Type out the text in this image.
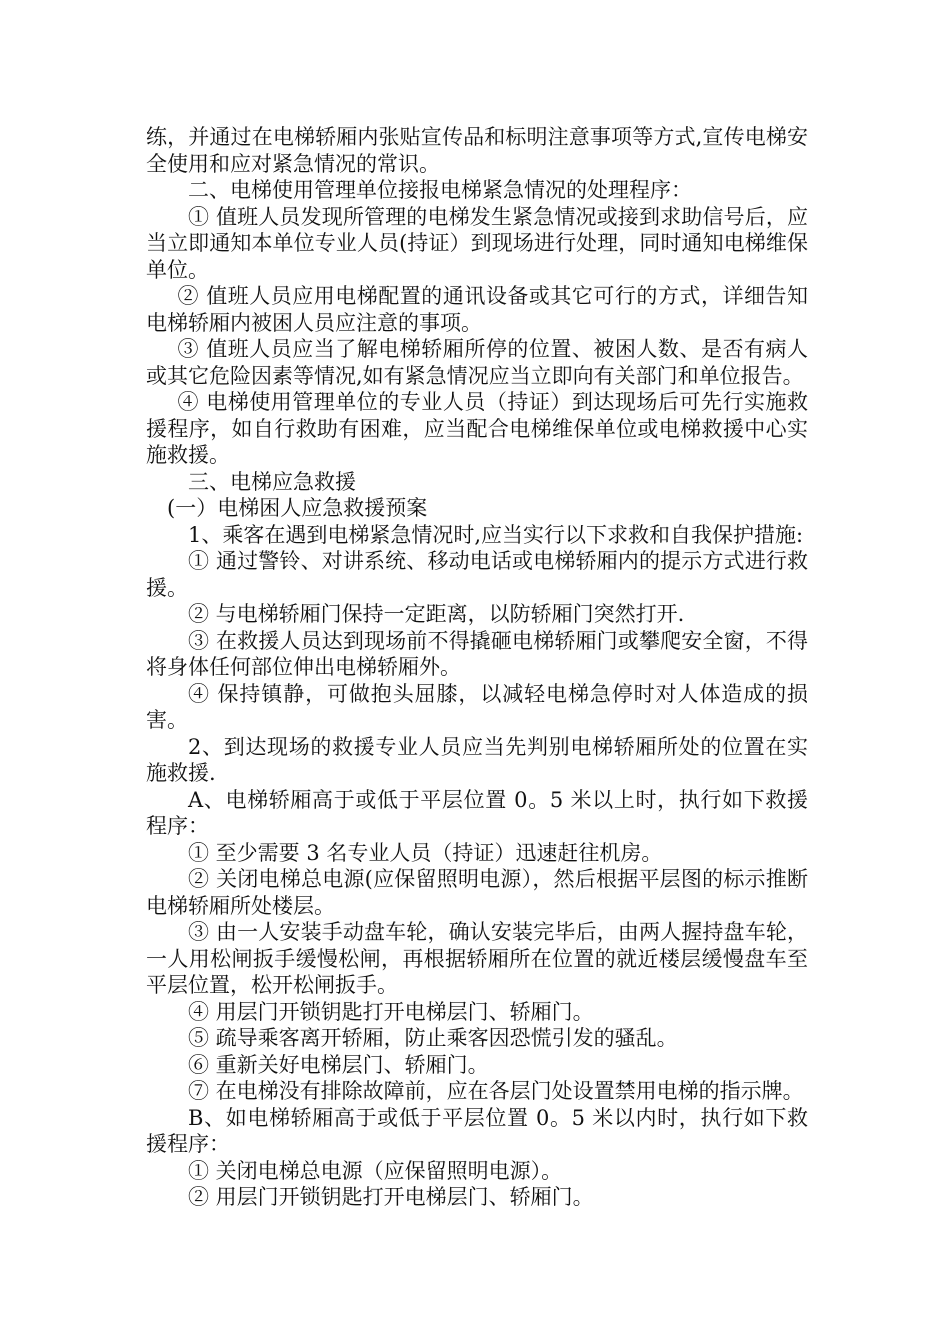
练，并通过在电梯轿厢内张贴宣传品和标明注意事项等方式,宣传电梯安全使用和应对紧急情况的常识。

二、电梯使用管理单位接报电梯紧急情况的处理程序：

① 值班人员发现所管理的电梯发生紧急情况或接到求助信号后，应当立即通知本单位专业人员(持证）到现场进行处理，同时通知电梯维保单位。

② 值班人员应用电梯配置的通讯设备或其它可行的方式，详细告知电梯轿厢内被困人员应注意的事项。

③ 值班人员应当了解电梯轿厢所停的位置、被困人数、是否有病人或其它危险因素等情况,如有紧急情况应当立即向有关部门和单位报告。

④ 电梯使用管理单位的专业人员（持证）到达现场后可先行实施救援程序，如自行救助有困难，应当配合电梯维保单位或电梯救援中心实施救援。

三、电梯应急救援

(一）电梯困人应急救援预案

1、乘客在遇到电梯紧急情况时,应当实行以下求救和自我保护措施:

① 通过警铃、对讲系统、移动电话或电梯轿厢内的提示方式进行救援。

② 与电梯轿厢门保持一定距离，以防轿厢门突然打开.

③ 在救援人员达到现场前不得撬砸电梯轿厢门或攀爬安全窗，不得将身体任何部位伸出电梯轿厢外。

④ 保持镇静，可做抱头屈膝，以减轻电梯急停时对人体造成的损害。

2、到达现场的救援专业人员应当先判别电梯轿厢所处的位置在实施救援.

A、电梯轿厢高于或低于平层位置 0。5 米以上时，执行如下救援程序：

① 至少需要 3 名专业人员（持证）迅速赶往机房。

② 关闭电梯总电源(应保留照明电源），然后根据平层图的标示推断电梯轿厢所处楼层。

③ 由一人安装手动盘车轮，确认安装完毕后，由两人握持盘车轮，一人用松闸扳手缓慢松闸，再根据轿厢所在位置的就近楼层缓慢盘车至平层位置，松开松闸扳手。

④ 用层门开锁钥匙打开电梯层门、轿厢门。

⑤ 疏导乘客离开轿厢，防止乘客因恐慌引发的骚乱。

⑥ 重新关好电梯层门、轿厢门。

⑦ 在电梯没有排除故障前，应在各层门处设置禁用电梯的指示牌。

B、如电梯轿厢高于或低于平层位置 0。5 米以内时，执行如下救援程序：

① 关闭电梯总电源（应保留照明电源）。

② 用层门开锁钥匙打开电梯层门、轿厢门。
